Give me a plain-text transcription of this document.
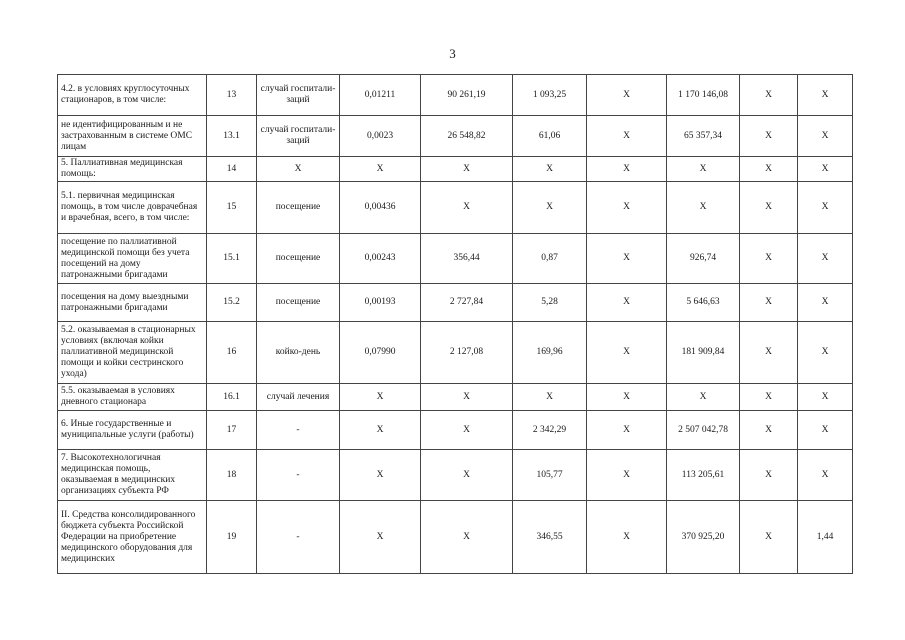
3
4.2. в условиях круглосуточных стационаров, в том числе:	13	случай госпитали-заций	0,01211	90 261,19	1 093,25	Х	1 170 146,08	Х	Х
не идентифицированным и не застрахованным в системе ОМС лицам	13.1	случай госпитали-заций	0,0023	26 548,82	61,06	Х	65 357,34	Х	Х
5. Паллиативная медицинская помощь:	14	Х	Х	Х	Х	Х	Х	Х	Х
5.1. первичная медицинская помощь, в том числе доврачебная и врачебная, всего, в том числе:	15	посещение	0,00436	Х	Х	Х	Х	Х	Х
посещение по паллиативной медицинской помощи без учета посещений на дому патронажными бригадами	15.1	посещение	0,00243	356,44	0,87	Х	926,74	Х	Х
посещения на дому выездными патронажными бригадами	15.2	посещение	0,00193	2 727,84	5,28	Х	5 646,63	Х	Х
5.2. оказываемая в стационарных условиях (включая койки паллиативной медицинской помощи и койки сестринского ухода)	16	койко-день	0,07990	2 127,08	169,96	Х	181 909,84	Х	Х
5.5. оказываемая в условиях дневного стационара	16.1	случай лечения	Х	Х	Х	Х	Х	Х	Х
6. Иные государственные и муниципальные услуги (работы)	17	-	Х	Х	2 342,29	Х	2 507 042,78	Х	Х
7. Высокотехнологичная медицинская помощь, оказываемая в медицинских организациях субъекта РФ	18	-	Х	Х	105,77	Х	113 205,61	Х	Х
II. Средства консолидированного бюджета субъекта Российской Федерации на приобретение медицинского оборудования для медицинских	19	-	Х	Х	346,55	Х	370 925,20	Х	1,44
